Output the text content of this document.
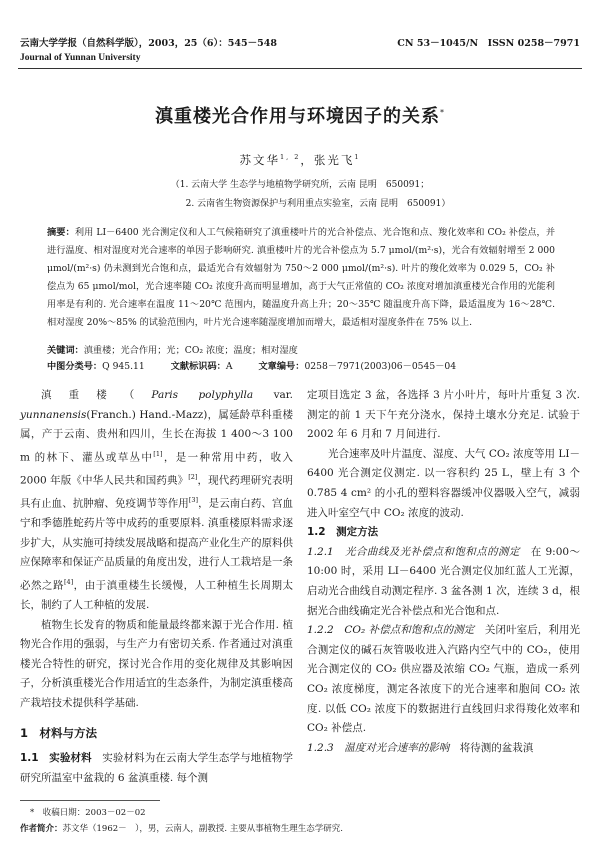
云南大学学报（自然科学版），2003，25（6）：545－548	CN 53－1045/N　ISSN 0258－7971
Journal of Yunnan University
滇重楼光合作用与环境因子的关系*
苏文华$^{1, 2}$，张光飞$^1$
（1. 云南大学 生态学与地植物学研究所，云南 昆明　650091；
2. 云南省生物资源保护与利用重点实验室，云南 昆明　650091）
摘要：利用 LI－6400 光合测定仪和人工气候箱研究了滇重楼叶片的光合补偿点、光合饱和点、羧化效率和 CO₂ 补偿点，并进行温度、相对湿度对光合速率的单因子影响研究. 滇重楼叶片的光合补偿点为 5.7 μmol/(m²·s)，光合有效辐射增至 2 000 μmol/(m²·s) 仍未测到光合饱和点，最适光合有效辐射为 750～2 000 μmol/(m²·s). 叶片的羧化效率为 0.029 5，CO₂ 补偿点为 65 μmol/mol，光合速率随 CO₂ 浓度升高而明显增加，高于大气正常值的 CO₂ 浓度对增加滇重楼光合作用的光能利用率是有利的. 光合速率在温度 11～20℃ 范围内，随温度升高上升；20～35℃ 随温度升高下降，最适温度为 16～28℃. 相对湿度 20%～85% 的试验范围内，叶片光合速率随湿度增加而增大，最适相对湿度条件在 75% 以上.
关键词：滇重楼；光合作用；光；CO₂ 浓度；温度；相对湿度
中图分类号：Q 945.11	文献标识码：A	文章编号：0258－7971(2003)06－0545－04

滇重楼（Paris polyphylla var. yunnanensis(Franch.) Hand.-Mazz)，属延龄草科重楼属，产于云南、贵州和四川，生长在海拔 1 400～3 100 m 的林下、灌丛或草丛中[1]，是一种常用中药，收入 2000 年版《中华人民共和国药典》[2]，现代药理研究表明具有止血、抗肿瘤、免疫调节等作用[3]，是云南白药、宫血宁和季德胜蛇药片等中成药的重要原料. 滇重楼原料需求逐步扩大，从实施可持续发展战略和提高产业化生产的原料供应保障率和保证产品质量的角度出发，进行人工栽培是一条必然之路[4]，由于滇重楼生长缓慢，人工种植生长周期太长，制约了人工种植的发展.

植物生长发育的物质和能量最终都来源于光合作用. 植物光合作用的强弱，与生产力有密切关系. 作者通过对滇重楼光合特性的研究，探讨光合作用的变化规律及其影响因子，分析滇重楼光合作用适宜的生态条件，为制定滇重楼高产栽培技术提供科学基础.

1　材料与方法

1.1　实验材料　实验材料为在云南大学生态学与地植物学研究所温室中盆栽的 6 盆滇重楼. 每个测

定项目选定 3 盆，各选择 3 片小叶片，每叶片重复 3 次. 测定的前 1 天下午充分浇水，保持土壤水分充足. 试验于 2002 年 6 月和 7 月间进行.

光合速率及叶片温度、湿度、大气 CO₂ 浓度等用 LI－6400 光合测定仪测定. 以一容积约 25 L，壁上有 3 个 0.785 4 cm² 的小孔的塑料容器缓冲仪器吸入空气，减弱进入叶室空气中 CO₂ 浓度的波动.

1.2　测定方法

1.2.1　光合曲线及光补偿点和饱和点的测定　在 9:00～10:00 时，采用 LI－6400 光合测定仪加红蓝人工光源，启动光合曲线自动测定程序. 3 盆各测 1 次，连续 3 d，根据光合曲线确定光合补偿点和光合饱和点.

1.2.2　CO₂ 补偿点和饱和点的测定　关闭叶室后，利用光合测定仪的碱石灰管吸收进入汽路内空气中的 CO₂，使用光合测定仪的 CO₂ 供应器及浓缩 CO₂ 气瓶，造成一系列 CO₂ 浓度梯度，测定各浓度下的光合速率和胞间 CO₂ 浓度. 以低 CO₂ 浓度下的数据进行直线回归求得羧化效率和 CO₂ 补偿点.

1.2.3　温度对光合速率的影响　将待测的盆栽滇

*　 收稿日期：2003－02－02
作者简介：苏文华（1962－　），男，云南人，副教授. 主要从事植物生理生态学研究.
